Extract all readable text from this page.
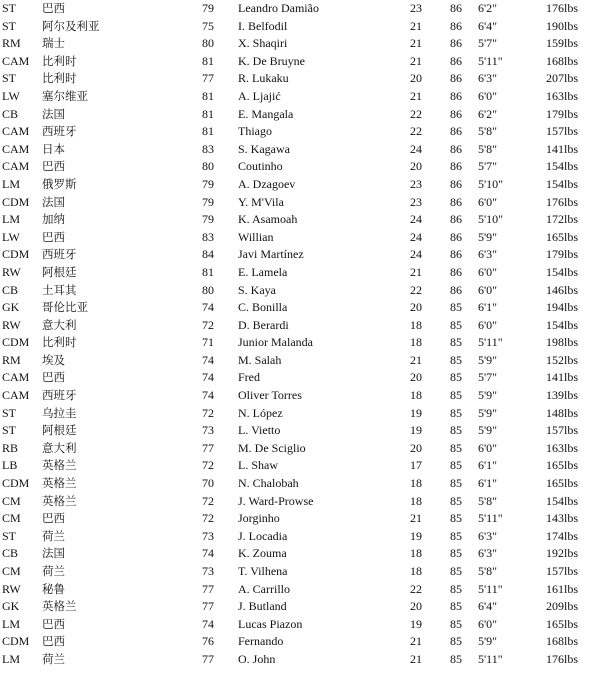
ST	巴西	79 Leandro Damião	23	86 6'2"	176lbs
ST	阿尔及利亚	75 I. Belfodil	21	86 6'4"	190lbs
RM	瑞士	80 X. Shaqiri	21	86 5'7"	159lbs
CAM	比利时	81 K. De Bruyne	21	86 5'11"	168lbs
ST	比利时	77 R. Lukaku	20	86 6'3"	207lbs
LW	塞尔维亚	81 A. Ljajić	21	86 6'0"	163lbs
CB	法国	81 E. Mangala	22	86 6'2"	179lbs
CAM	西班牙	81 Thiago	22	86 5'8"	157lbs
CAM	日本	83 S. Kagawa	24	86 5'8"	141lbs
CAM	巴西	80 Coutinho	20	86 5'7"	154lbs
LM	俄罗斯	79 A. Dzagoev	23	86 5'10"	154lbs
CDM	法国	79 Y. M'Vila	23	86 6'0"	176lbs
LM	加纳	79 K. Asamoah	24	86 5'10"	172lbs
LW	巴西	83 Willian	24	86 5'9"	165lbs
CDM	西班牙	84 Javi Martínez	24	86 6'3"	179lbs
RW	阿根廷	81 E. Lamela	21	86 6'0"	154lbs
CB	土耳其	80 S. Kaya	22	86 6'0"	146lbs
GK	哥伦比亚	74 C. Bonilla	20	85 6'1"	194lbs
RW	意大利	72 D. Berardi	18	85 6'0"	154lbs
CDM	比利时	71 Junior Malanda	18	85 5'11"	198lbs
RM	埃及	74 M. Salah	21	85 5'9"	152lbs
CAM	巴西	74 Fred	20	85 5'7"	141lbs
CAM	西班牙	74 Oliver Torres	18	85 5'9"	139lbs
ST	乌拉圭	72 N. López	19	85 5'9"	148lbs
ST	阿根廷	73 L. Vietto	19	85 5'9"	157lbs
RB	意大利	77 M. De Sciglio	20	85 6'0"	163lbs
LB	英格兰	72 L. Shaw	17	85 6'1"	165lbs
CDM	英格兰	70 N. Chalobah	18	85 6'1"	165lbs
CM	英格兰	72 J. Ward-Prowse	18	85 5'8"	154lbs
CM	巴西	72 Jorginho	21	85 5'11"	143lbs
ST	荷兰	73 J. Locadia	19	85 6'3"	174lbs
CB	法国	74 K. Zouma	18	85 6'3"	192lbs
CM	荷兰	73 T. Vilhena	18	85 5'8"	157lbs
RW	秘鲁	77 A. Carrillo	22	85 5'11"	161lbs
GK	英格兰	77 J. Butland	20	85 6'4"	209lbs
LM	巴西	74 Lucas Piazon	19	85 6'0"	165lbs
CDM	巴西	76 Fernando	21	85 5'9"	168lbs
LM	荷兰	77 O. John	21	85 5'11"	176lbs
